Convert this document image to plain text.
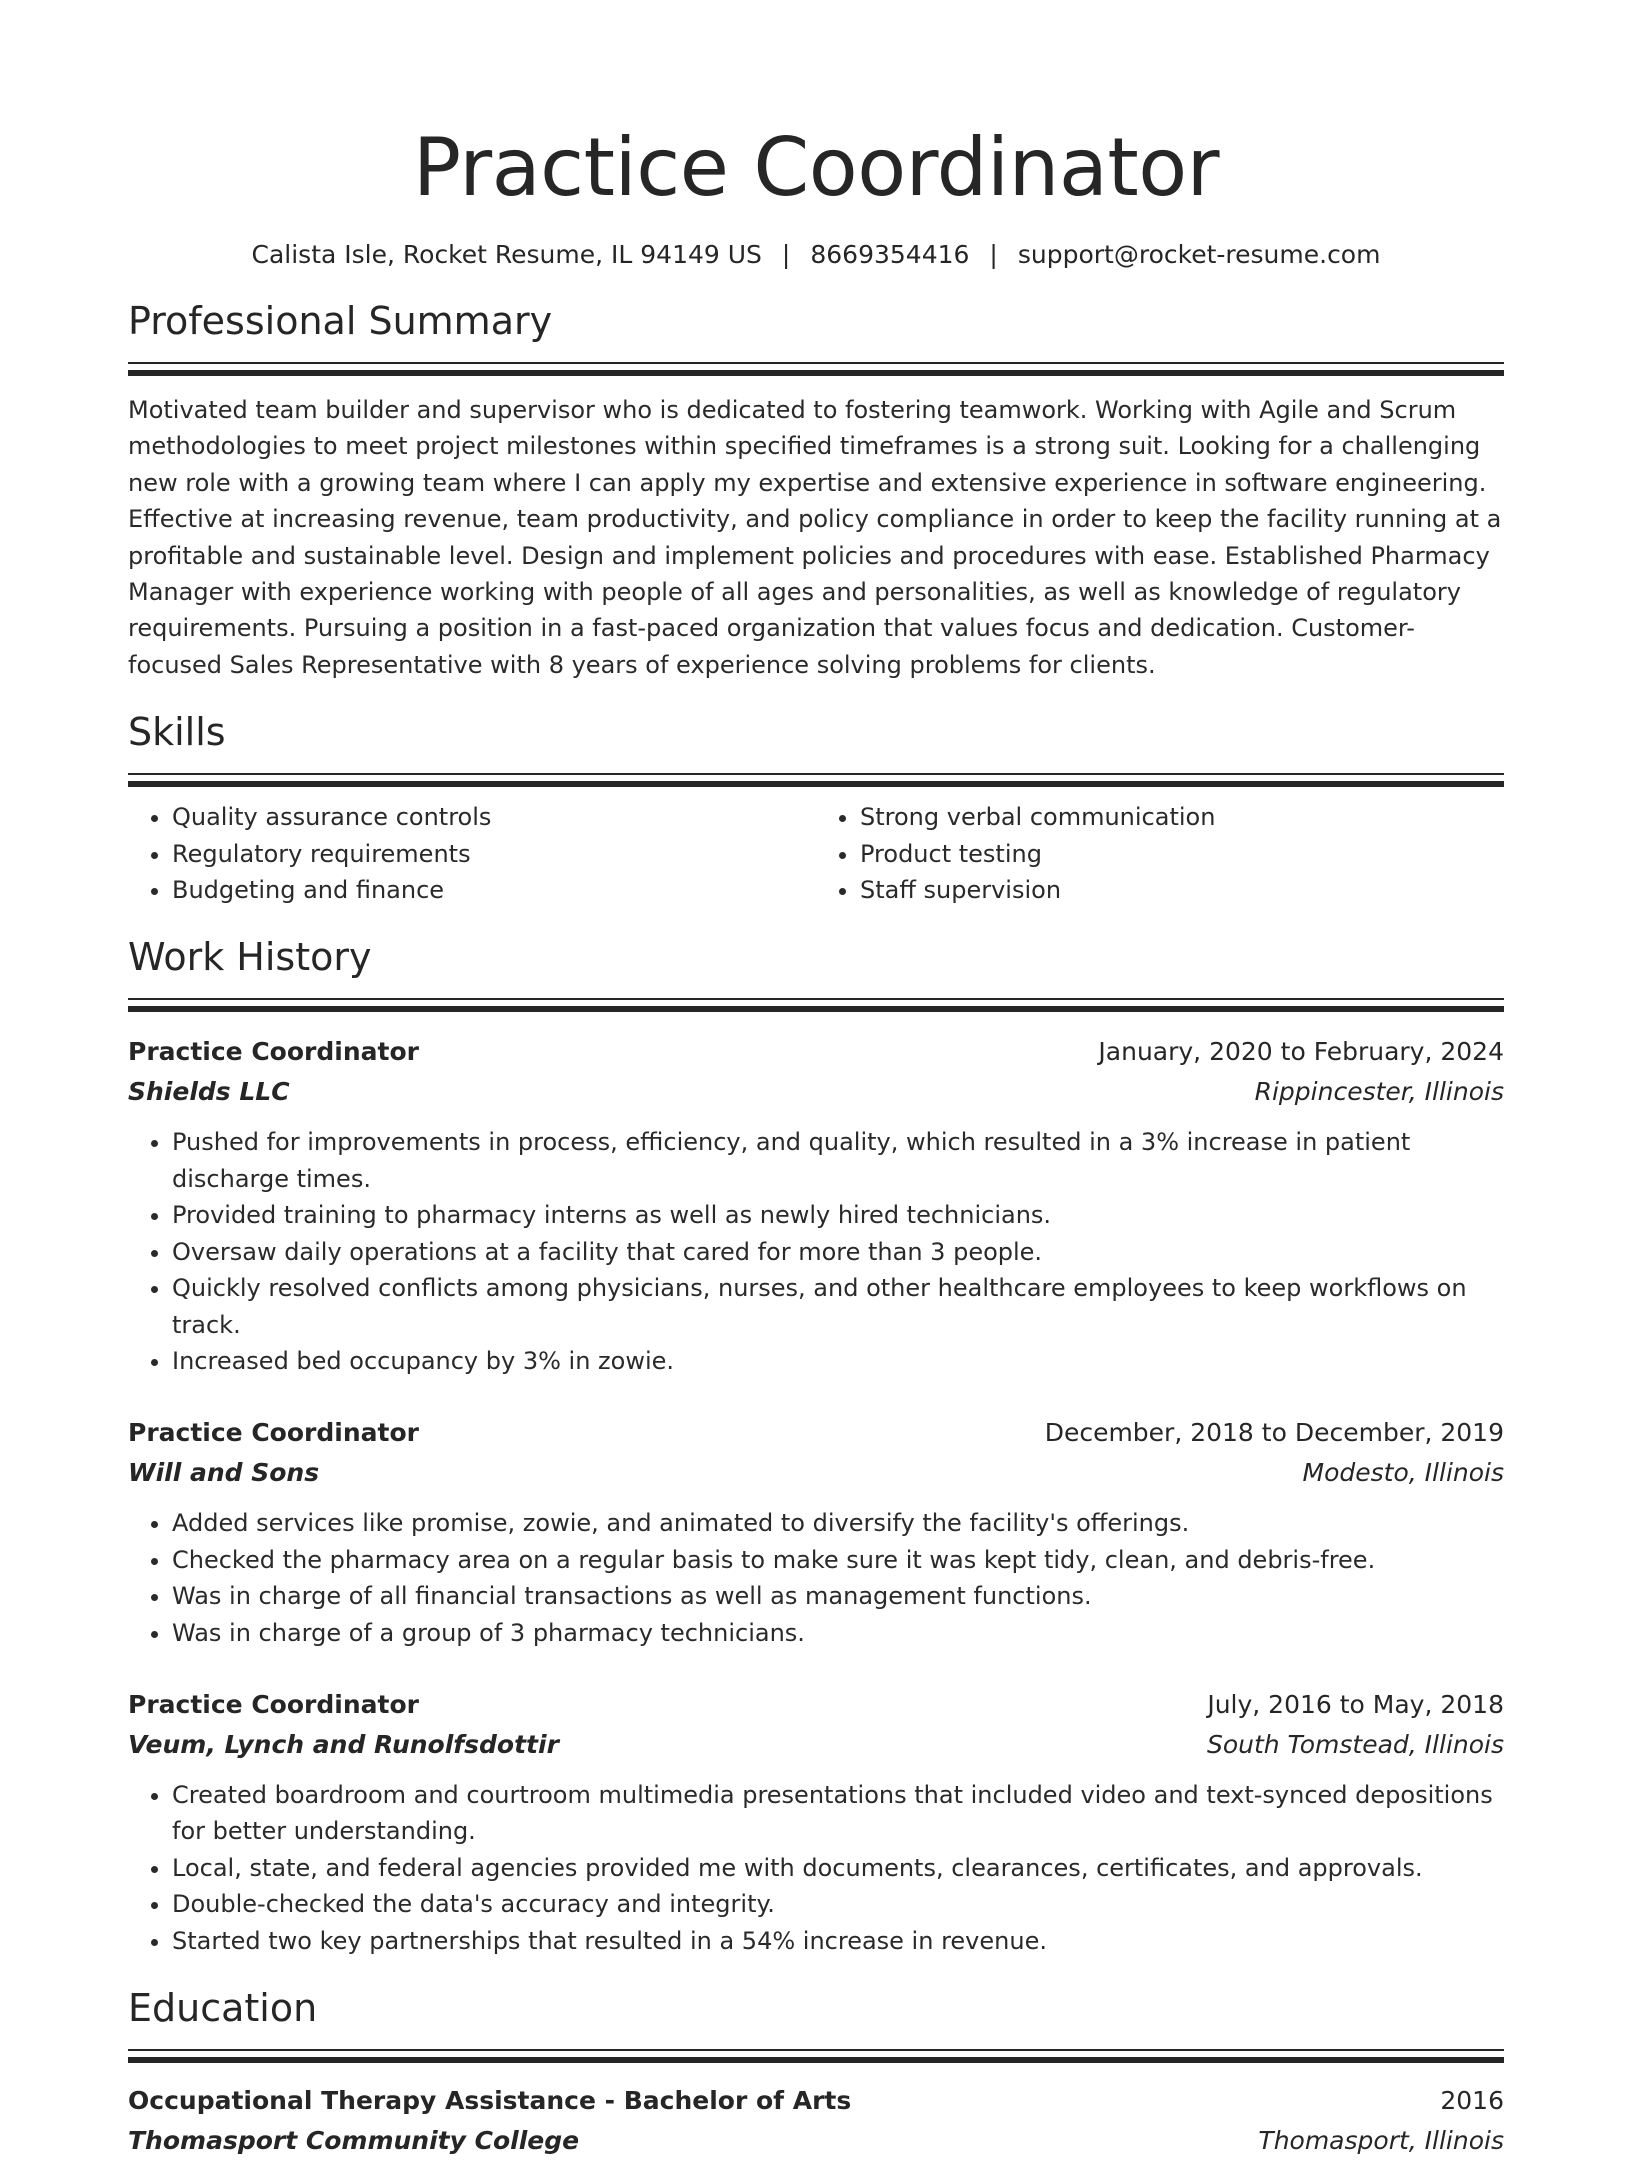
Practice Coordinator
Calista Isle, Rocket Resume, IL 94149 US | 8669354416 | support@rocket-resume.com
Professional Summary

Motivated team builder and supervisor who is dedicated to fostering teamwork. Working with Agile and Scrum methodologies to meet project milestones within specified timeframes is a strong suit. Looking for a challenging new role with a growing team where I can apply my expertise and extensive experience in software engineering. Effective at increasing revenue, team productivity, and policy compliance in order to keep the facility running at a profitable and sustainable level. Design and implement policies and procedures with ease. Established Pharmacy Manager with experience working with people of all ages and personalities, as well as knowledge of regulatory requirements. Pursuing a position in a fast-paced organization that values focus and dedication. Customer-focused Sales Representative with 8 years of experience solving problems for clients.

Skills
• Quality assurance controls
• Regulatory requirements
• Budgeting and finance
• Strong verbal communication
• Product testing
• Staff supervision
Work History
Practice Coordinator	January, 2020 to February, 2024
Shields LLC	Rippincester, Illinois
• Pushed for improvements in process, efficiency, and quality, which resulted in a 3% increase in patient discharge times.
• Provided training to pharmacy interns as well as newly hired technicians.
• Oversaw daily operations at a facility that cared for more than 3 people.
• Quickly resolved conflicts among physicians, nurses, and other healthcare employees to keep workflows on track.
• Increased bed occupancy by 3% in zowie.
Practice Coordinator	December, 2018 to December, 2019
Will and Sons	Modesto, Illinois
• Added services like promise, zowie, and animated to diversify the facility's offerings.
• Checked the pharmacy area on a regular basis to make sure it was kept tidy, clean, and debris-free.
• Was in charge of all financial transactions as well as management functions.
• Was in charge of a group of 3 pharmacy technicians.
Practice Coordinator	July, 2016 to May, 2018
Veum, Lynch and Runolfsdottir	South Tomstead, Illinois
• Created boardroom and courtroom multimedia presentations that included video and text-synced depositions for better understanding.
• Local, state, and federal agencies provided me with documents, clearances, certificates, and approvals.
• Double-checked the data's accuracy and integrity.
• Started two key partnerships that resulted in a 54% increase in revenue.
Education
Occupational Therapy Assistance - Bachelor of Arts	2016
Thomasport Community College	Thomasport, Illinois
